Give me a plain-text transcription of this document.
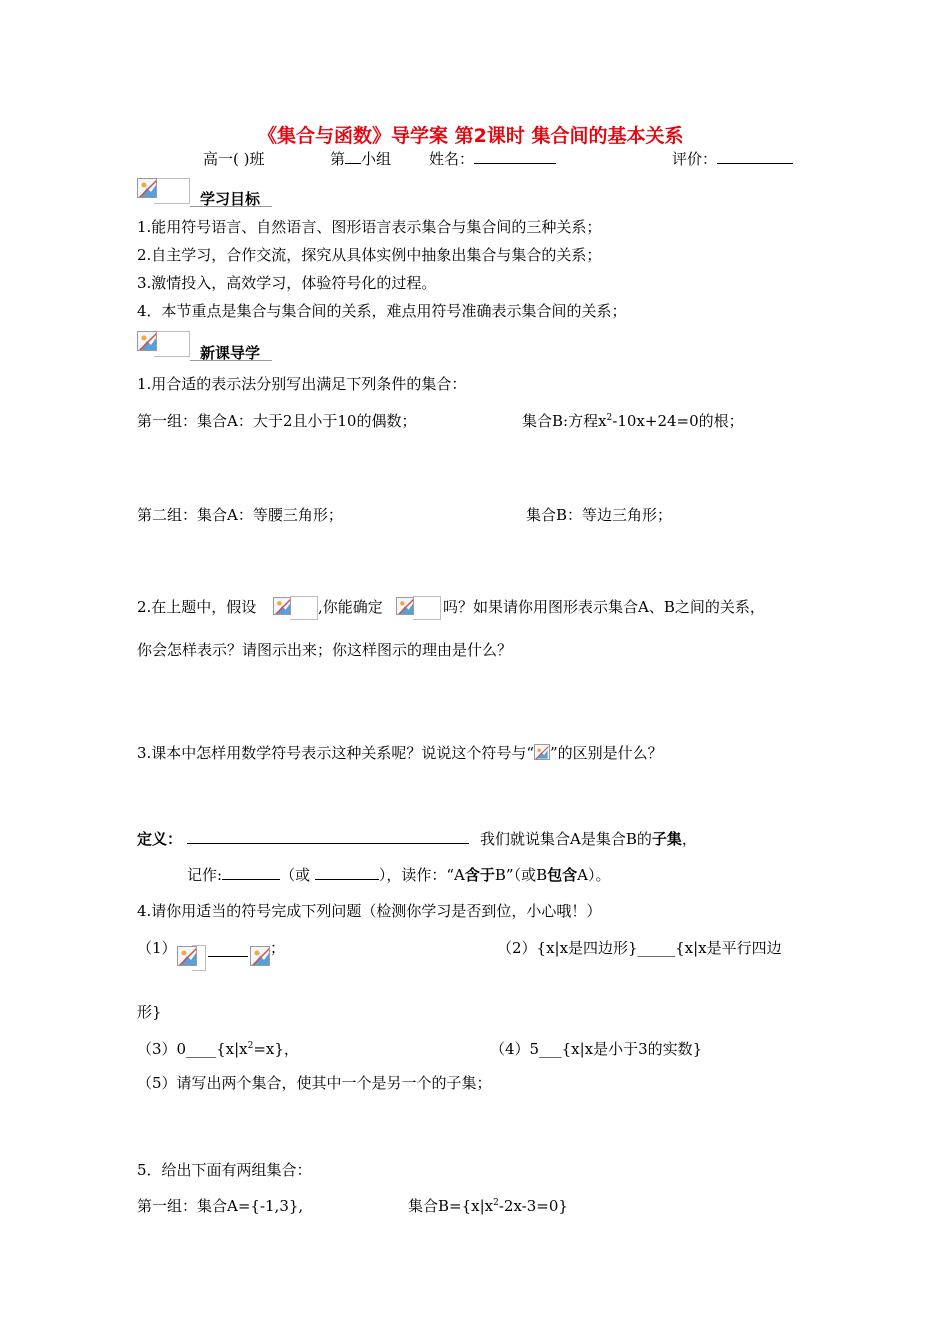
《集合与函数》导学案 第2课时 集合间的基本关系
高一( )班	第 小组	姓名：	评价：
学习目标
1.能用符号语言、自然语言、图形语言表示集合与集合间的三种关系；
2.自主学习，合作交流，探究从具体实例中抽象出集合与集合的关系；
3.激情投入，高效学习，体验符号化的过程。
4．本节重点是集合与集合间的关系，难点用符号准确表示集合间的关系；
新课导学
1.用合适的表示法分别写出满足下列条件的集合：
第一组：集合A：大于2且小于10的偶数；	集合B:方程$x^2-10x+24=0$的根；
第二组：集合A：等腰三角形；	集合B：等边三角形；
2.在上题中，假设	,你能确定	吗？如果请你用图形表示集合A、B之间的关系，
你会怎样表示？请图示出来；你这样图示的理由是什么？
3.课本中怎样用数学符号表示这种关系呢？说说这个符号与“ ”的区别是什么？
定义：	我们就说集合A是集合B的子集，
记作:	（或	），读作：“A含于B”（或B包含A）。
4.请你用适当的符号完成下列问题（检测你学习是否到位，小心哦！）
（1）	；	（2）{x|x是四边形}_____{x|x是平行四边
形}
$(3)0\_\_\_\_\{x|x^2=x\}$，	（4）5___{x|x是小于3的实数}
（5）请写出两个集合，使其中一个是另一个的子集；
5．给出下面有两组集合：
第一组：集合A={-1,3},	集合$B=\{x|x^2-2x-3=0\}$
